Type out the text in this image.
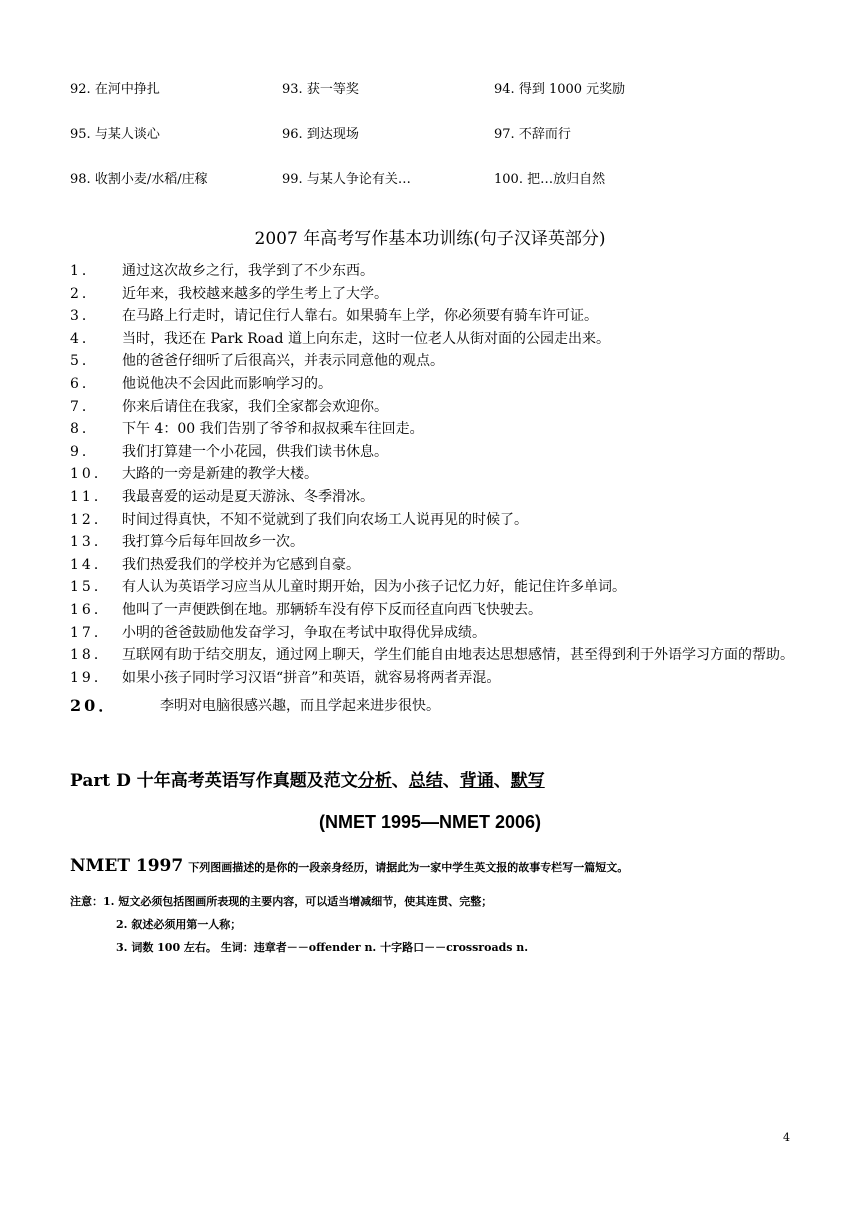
92. 在河中挣扎	93. 获一等奖	94. 得到 1000 元奖励
95. 与某人谈心	96. 到达现场	97. 不辞而行
98. 收割小麦/水稻/庄稼	99. 与某人争论有关…	100. 把…放归自然
2007 年高考写作基本功训练(句子汉译英部分)
1．	通过这次故乡之行，我学到了不少东西。
2．	近年来，我校越来越多的学生考上了大学。
3．	在马路上行走时，请记住行人靠右。如果骑车上学，你必须要有骑车许可证。
4．	当时，我还在 Park Road 道上向东走，这时一位老人从街对面的公园走出来。
5．	他的爸爸仔细听了后很高兴，并表示同意他的观点。
6．	他说他决不会因此而影响学习的。
7．	你来后请住在我家，我们全家都会欢迎你。
8．	下午 4：00 我们告别了爷爷和叔叔乘车往回走。
9．	我们打算建一个小花园，供我们读书休息。
10． 大路的一旁是新建的教学大楼。
11． 我最喜爱的运动是夏天游泳、冬季滑冰。
12． 时间过得真快，不知不觉就到了我们向农场工人说再见的时候了。
13． 我打算今后每年回故乡一次。
14． 我们热爱我们的学校并为它感到自豪。
15． 有人认为英语学习应当从儿童时期开始，因为小孩子记忆力好，能记住许多单词。
16． 他叫了一声便跌倒在地。那辆轿车没有停下反而径直向西飞快驶去。
17． 小明的爸爸鼓励他发奋学习，争取在考试中取得优异成绩。
18． 互联网有助于结交朋友，通过网上聊天，学生们能自由地表达思想感情，甚至得到利于外语学习方面的帮助。
19． 如果小孩子同时学习汉语“拼音”和英语，就容易将两者弄混。
20．	李明对电脑很感兴趣，而且学起来进步很快。
Part D 十年高考英语写作真题及范文分析、总结、背诵、默写
(NMET 1995—NMET 2006)
NMET 1997 下列图画描述的是你的一段亲身经历，请据此为一家中学生英文报的故事专栏写一篇短文。
注意：1. 短文必须包括图画所表现的主要内容，可以适当增减细节，使其连贯、完整；
2. 叙述必须用第一人称；
3. 词数 100 左右。 生词：违章者－－offender n. 十字路口－－crossroads n.
4
